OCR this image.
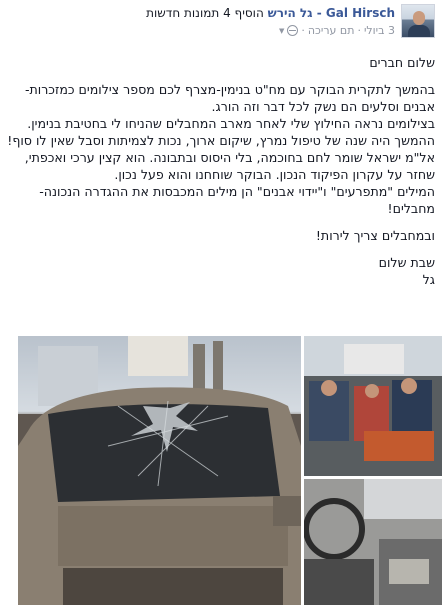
Gal Hirsch - גל הירש הוסיף 4 תמונות חדשות
3 ביולי
·
תם עריכה
·
▼

שלום חברים

בהמשך לתקרית הבוקר עם מח"ט בנימין-מצרף לכם מספר צילומים כמזכרות- אבנים וסלעים הם נשק לכל דבר וזה הורג.

בצילומים נראה החילוץ שלי לאחר מארב המחבלים שהניחו לי בחטיבת בנימין. ההמשך היה שנה של טיפול נמרץ, שיקום ארוך, נכות לצמיתות וסבל שאין לו סוף!

אל"מ ישראל שומר לחם בחוכמה, בלי היסוס ובתבונה. הוא קצין ערכי ואכפתי, שחזר על עקרון הפיקוד הנכון. הבוקר שוחחנו והוא פעל נכון.

המילים "מתפרעים" ו"יידוי אבנים" הן מילים המכבסות את ההגדרה הנכונה- מחבלים!

ובמחבלים צריך לירות!

שבת שלום

גל
